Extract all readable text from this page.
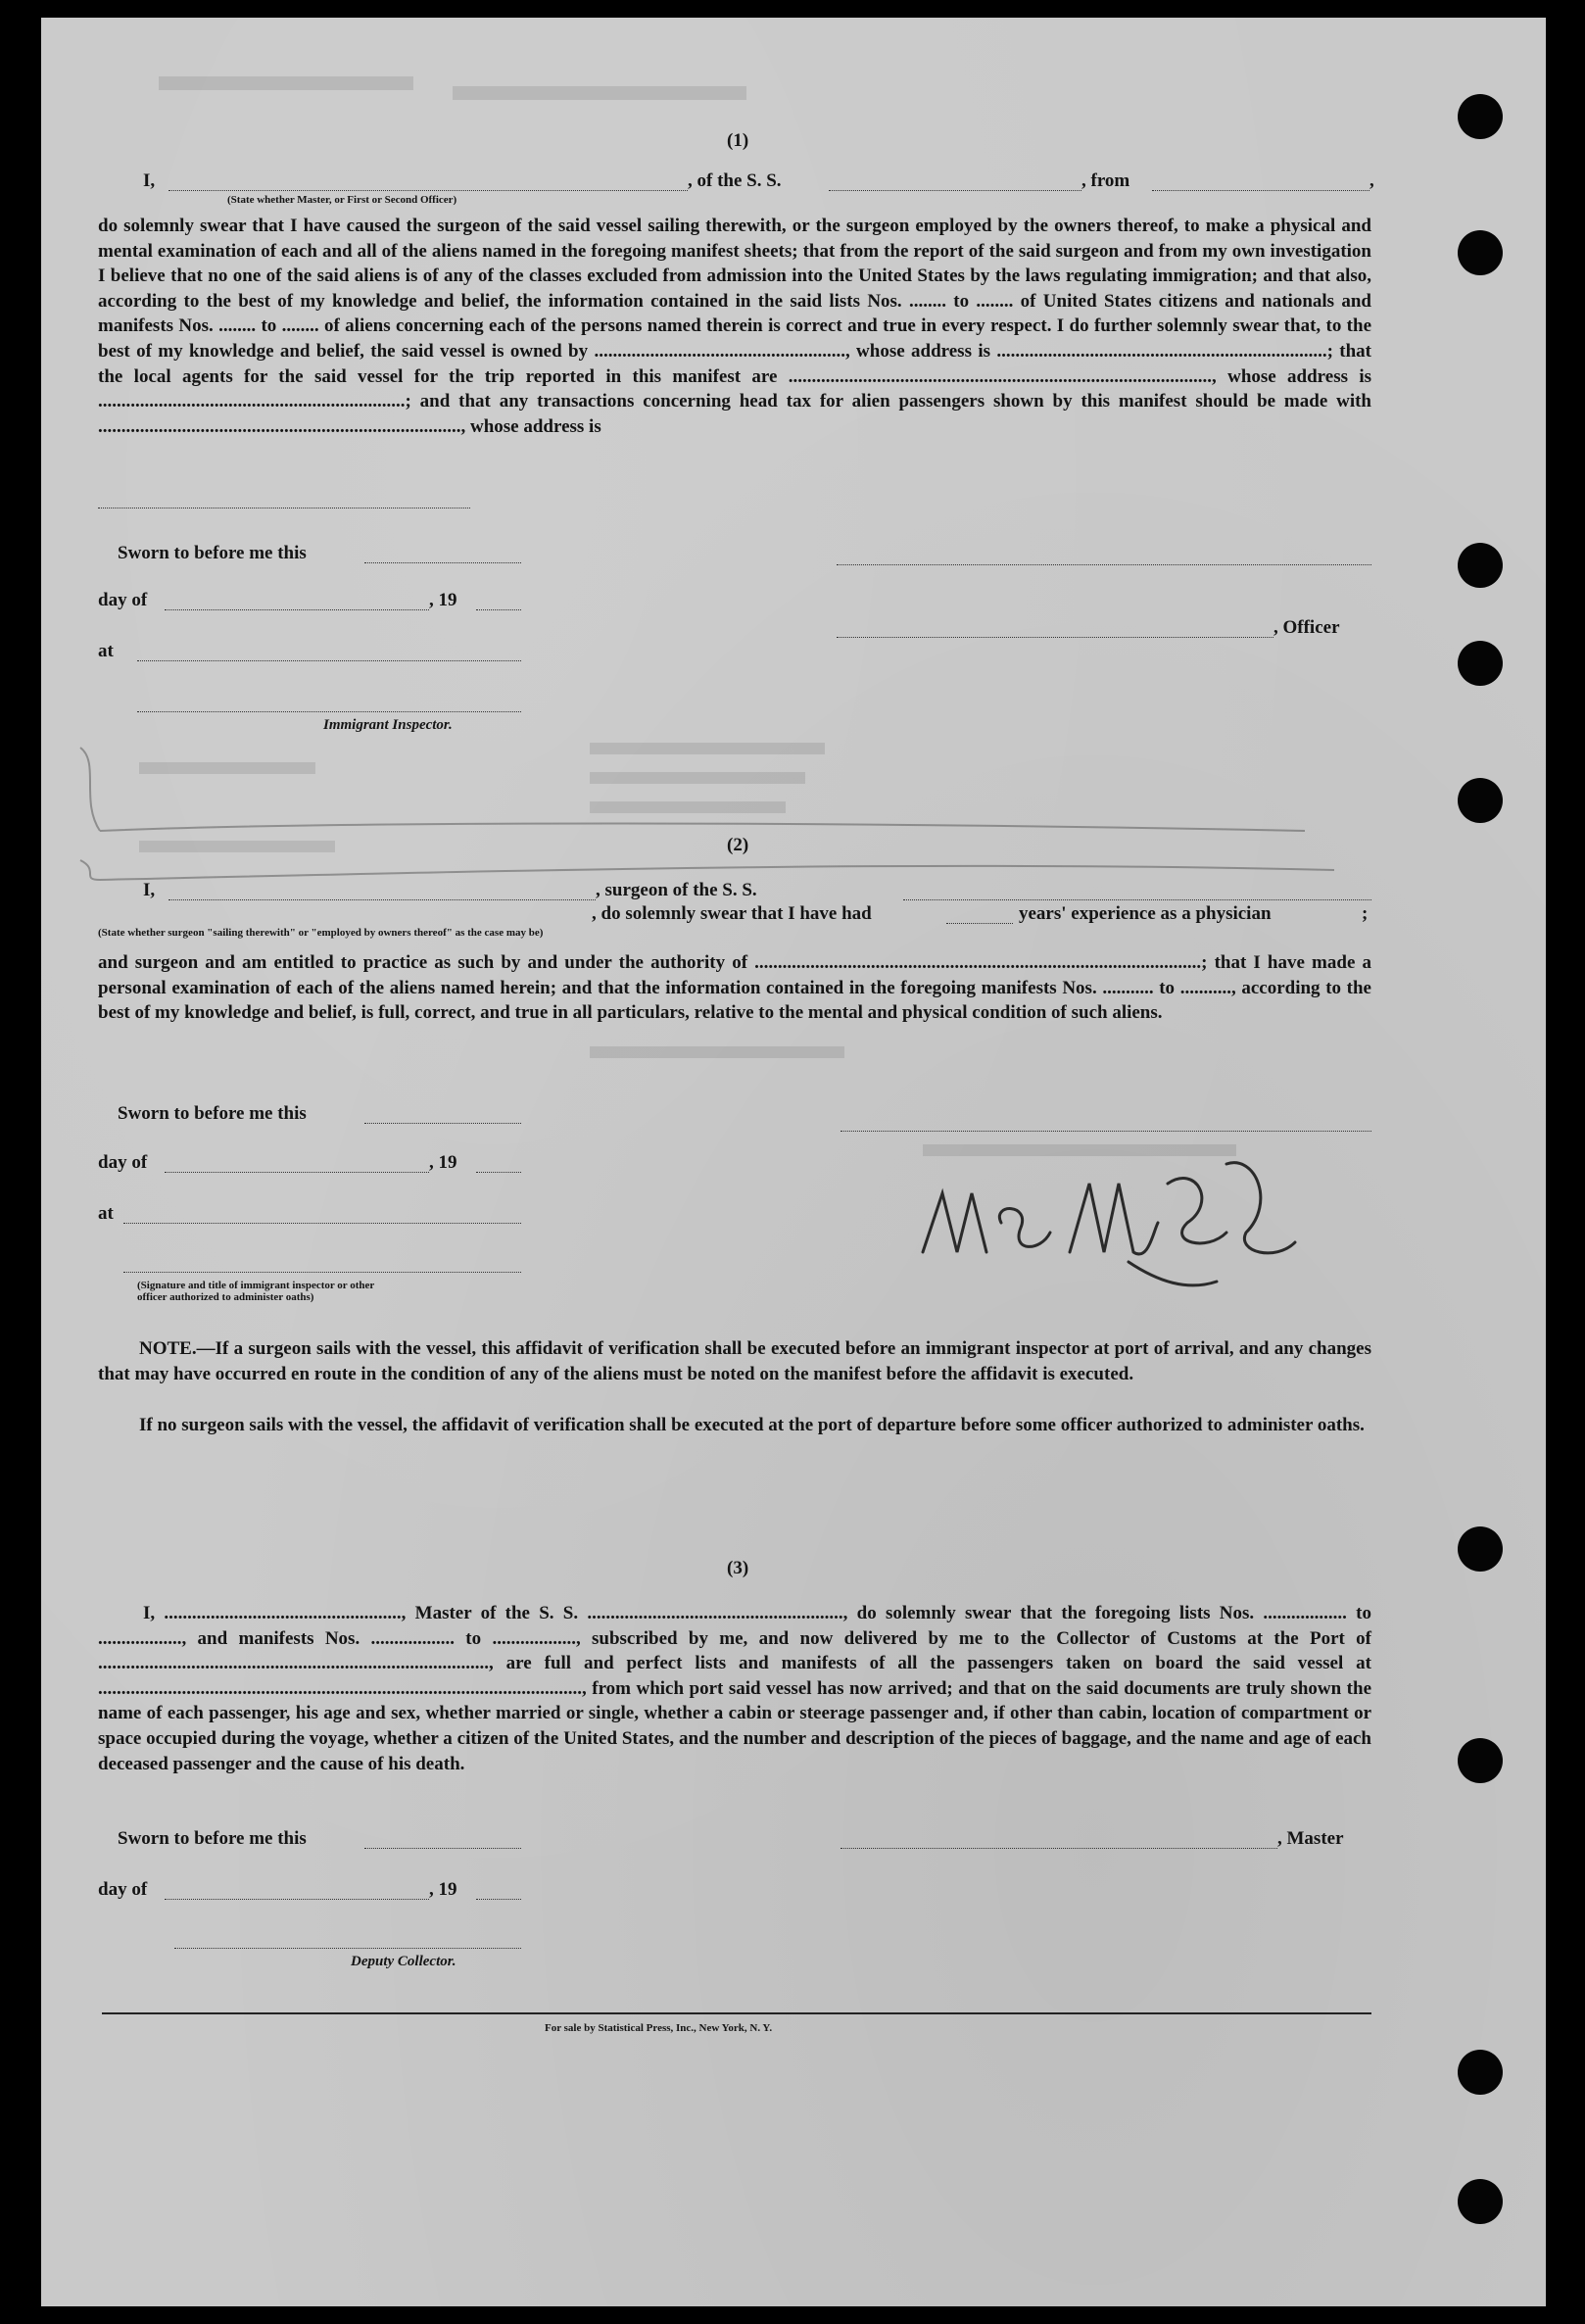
(1)
I,	, of the S. S.	, from	,
(State whether Master, or First or Second Officer)

do solemnly swear that I have caused the surgeon of the said vessel sailing therewith, or the surgeon employed by the owners thereof, to make a physical and mental examination of each and all of the aliens named in the foregoing manifest sheets; that from the report of the said surgeon and from my own investigation I believe that no one of the said aliens is of any of the classes excluded from admission into the United States by the laws regulating immigration; and that also, according to the best of my knowledge and belief, the information contained in the said lists Nos. ........ to ........ of United States citizens and nationals and manifests Nos. ........ to ........ of aliens concerning each of the persons named therein is correct and true in every respect. I do further solemnly swear that, to the best of my knowledge and belief, the said vessel is owned by ......................................................, whose address is .......................................................................; that the local agents for the said vessel for the trip reported in this manifest are ..........................................................................................., whose address is ..................................................................; and that any transactions concerning head tax for alien passengers shown by this manifest should be made with .............................................................................., whose address is

Sworn to before me this
day of	, 19
at
Immigrant Inspector.
, Officer
(2)
I,	, surgeon of the S. S.
, do solemnly swear that I have had	years' experience as a physician	;
(State whether surgeon "sailing therewith" or "employed by owners thereof" as the case may be)

and surgeon and am entitled to practice as such by and under the authority of ................................................................................................; that I have made a personal examination of each of the aliens named herein; and that the information contained in the foregoing manifests Nos. ........... to ..........., according to the best of my knowledge and belief, is full, correct, and true in all particulars, relative to the mental and physical condition of such aliens.

Sworn to before me this
day of	, 19
at
(Signature and title of immigrant inspector or other officer authorized to administer oaths)

NOTE.—If a surgeon sails with the vessel, this affidavit of verification shall be executed before an immigrant inspector at port of arrival, and any changes that may have occurred en route in the condition of any of the aliens must be noted on the manifest before the affidavit is executed.

If no surgeon sails with the vessel, the affidavit of verification shall be executed at the port of departure before some officer authorized to administer oaths.

(3)

I, ..................................................., Master of the S. S. ......................................................., do solemnly swear that the foregoing lists Nos. .................. to .................., and manifests Nos. .................. to .................., subscribed by me, and now delivered by me to the Collector of Customs at the Port of ...................................................................................., are full and perfect lists and manifests of all the passengers taken on board the said vessel at ........................................................................................................, from which port said vessel has now arrived; and that on the said documents are truly shown the name of each passenger, his age and sex, whether married or single, whether a cabin or steerage passenger and, if other than cabin, location of compartment or space occupied during the voyage, whether a citizen of the United States, and the number and description of the pieces of baggage, and the name and age of each deceased passenger and the cause of his death.

Sworn to before me this	, Master
day of	, 19
Deputy Collector.
For sale by Statistical Press, Inc., New York, N. Y.
